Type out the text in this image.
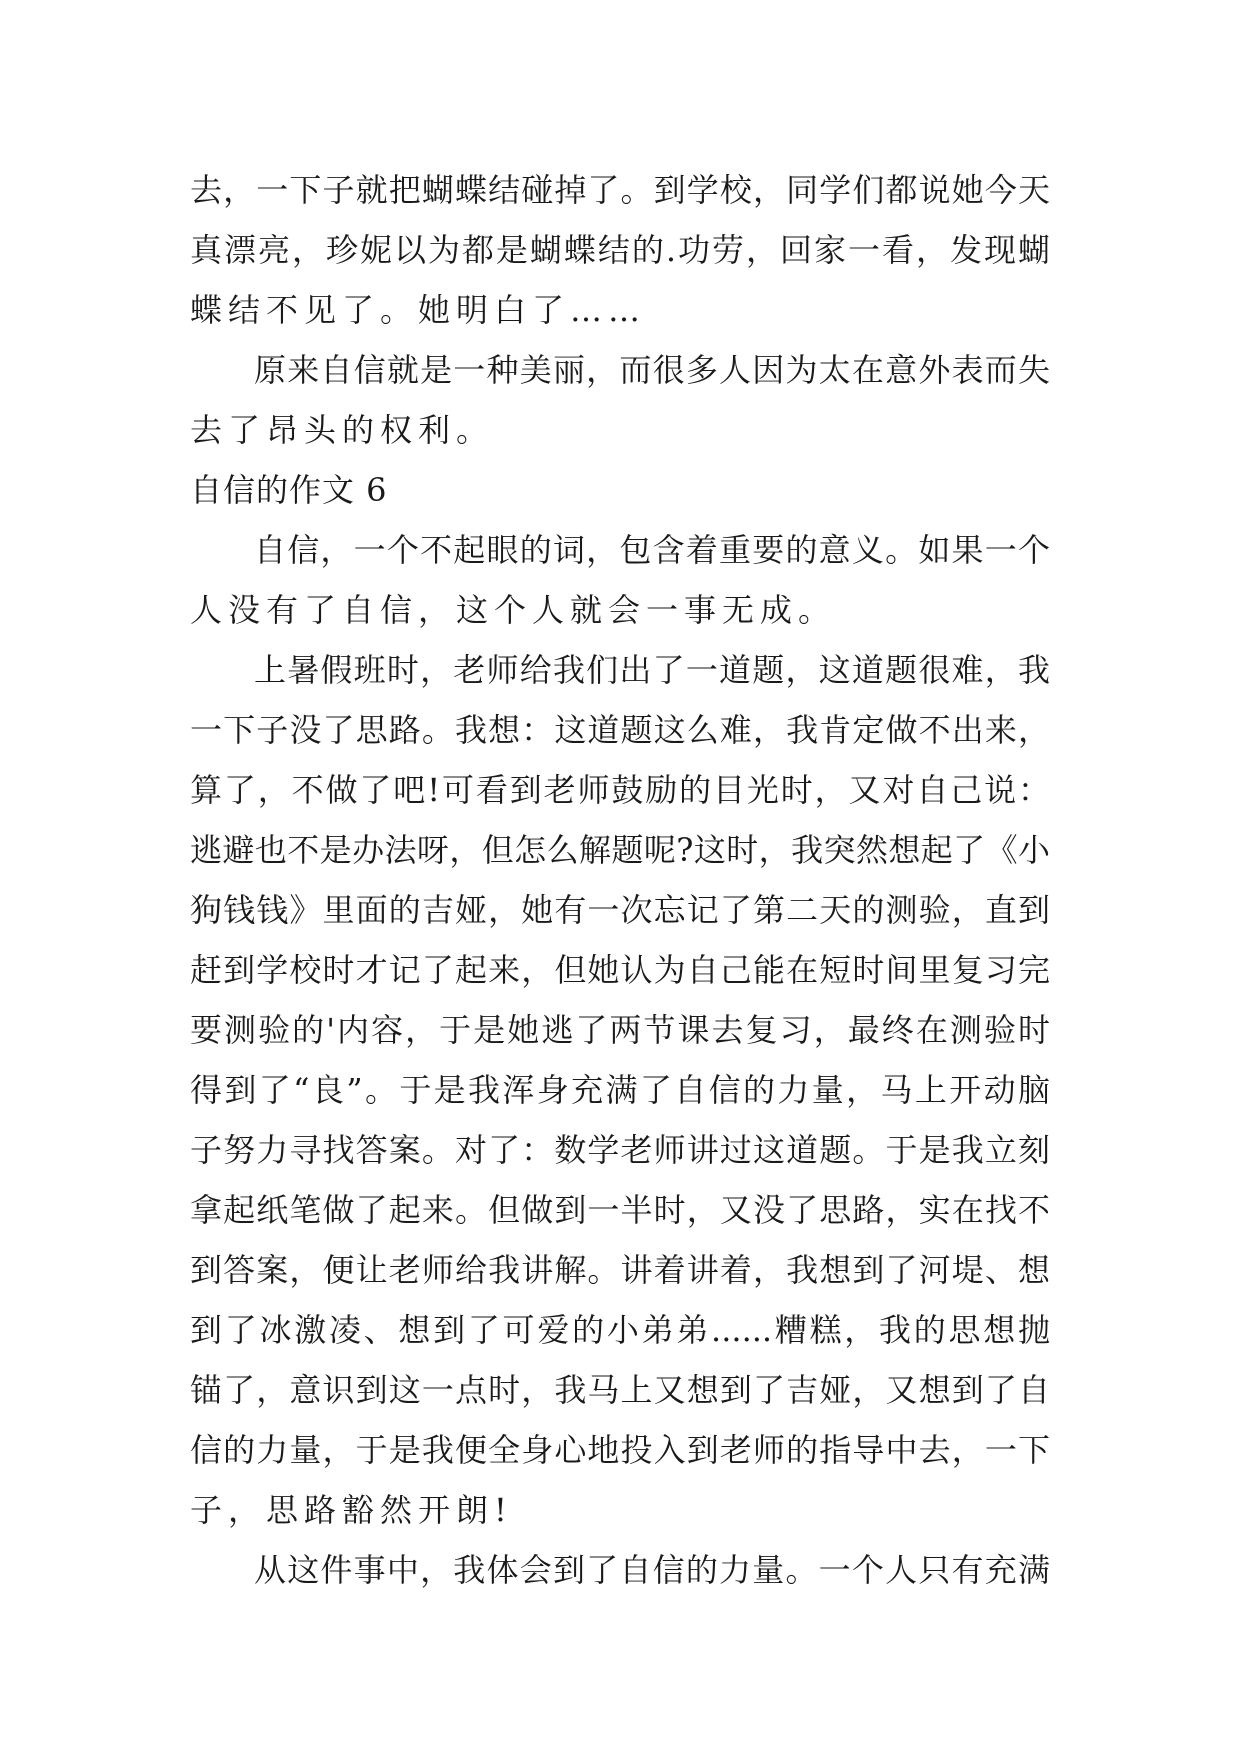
去，一下子就把蝴蝶结碰掉了。到学校，同学们都说她今天
真漂亮，珍妮以为都是蝴蝶结的.功劳，回家一看，发现蝴
蝶结不见了。她明白了……
原来自信就是一种美丽，而很多人因为太在意外表而失
去了昂头的权利。
自信的作文 6
自信，一个不起眼的词，包含着重要的意义。如果一个
人没有了自信，这个人就会一事无成。
上暑假班时，老师给我们出了一道题，这道题很难，我
一下子没了思路。我想：这道题这么难，我肯定做不出来，
算了，不做了吧!可看到老师鼓励的目光时，又对自己说：
逃避也不是办法呀，但怎么解题呢?这时，我突然想起了《小
狗钱钱》里面的吉娅，她有一次忘记了第二天的测验，直到
赶到学校时才记了起来，但她认为自己能在短时间里复习完
要测验的'内容，于是她逃了两节课去复习，最终在测验时
得到了“良”。于是我浑身充满了自信的力量，马上开动脑
子努力寻找答案。对了：数学老师讲过这道题。于是我立刻
拿起纸笔做了起来。但做到一半时，又没了思路，实在找不
到答案，便让老师给我讲解。讲着讲着，我想到了河堤、想
到了冰激凌、想到了可爱的小弟弟......糟糕，我的思想抛
锚了，意识到这一点时，我马上又想到了吉娅，又想到了自
信的力量，于是我便全身心地投入到老师的指导中去，一下
子，思路豁然开朗!
从这件事中，我体会到了自信的力量。一个人只有充满
